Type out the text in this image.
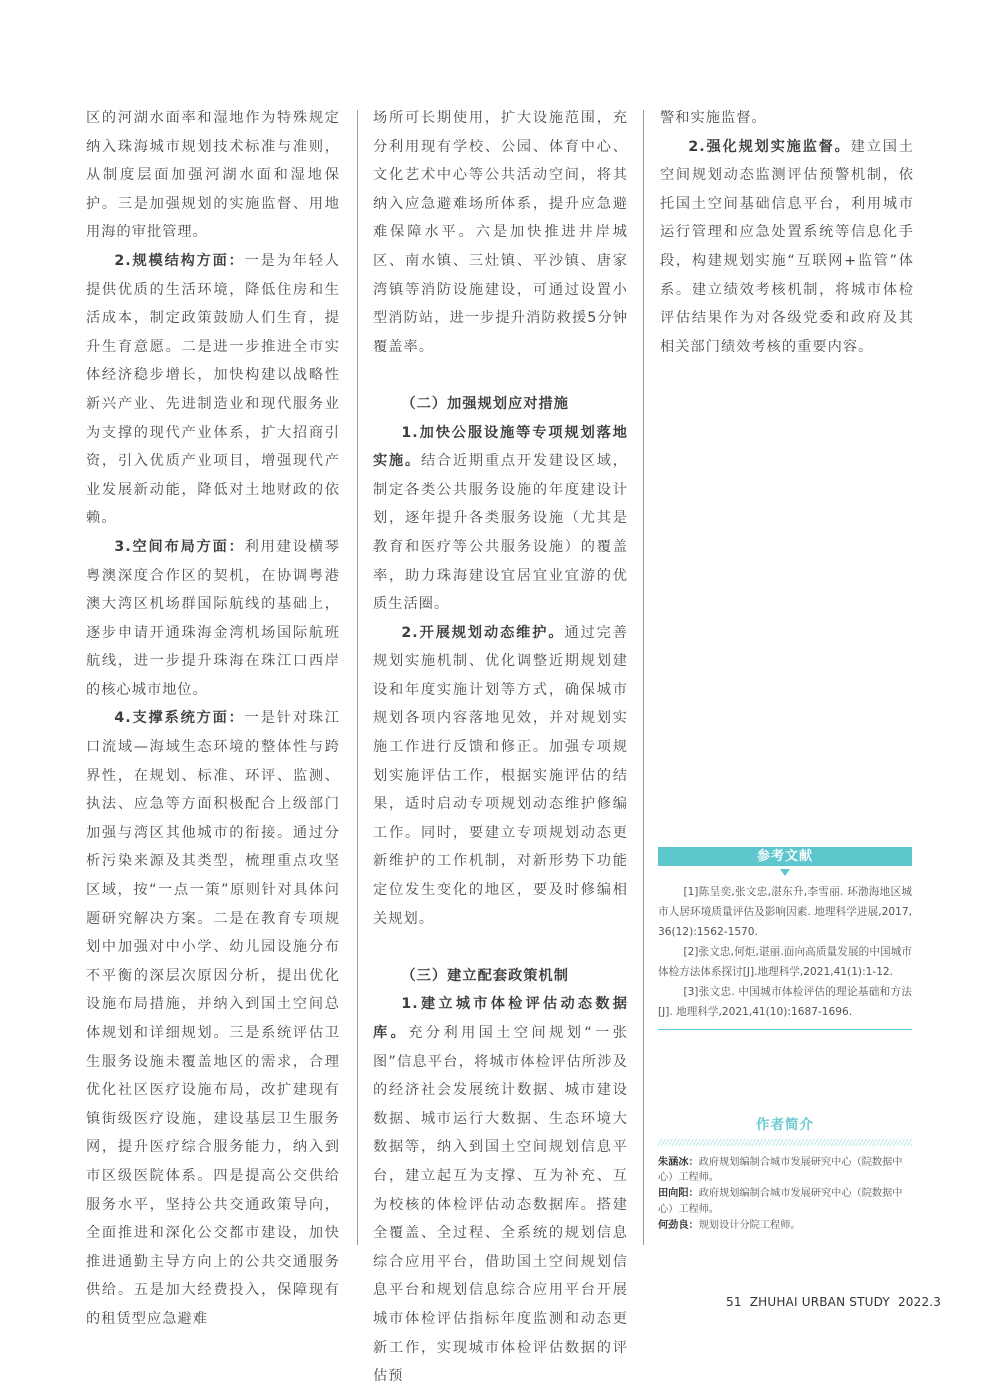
区的河湖水面率和湿地作为特殊规定纳入珠海城市规划技术标准与准则，从制度层面加强河湖水面和湿地保护。三是加强规划的实施监督、用地用海的审批管理。

2.规模结构方面：一是为年轻人提供优质的生活环境，降低住房和生活成本，制定政策鼓励人们生育，提升生育意愿。二是进一步推进全市实体经济稳步增长，加快构建以战略性新兴产业、先进制造业和现代服务业为支撑的现代产业体系，扩大招商引资，引入优质产业项目，增强现代产业发展新动能，降低对土地财政的依赖。

3.空间布局方面：利用建设横琴粤澳深度合作区的契机，在协调粤港澳大湾区机场群国际航线的基础上，逐步申请开通珠海金湾机场国际航班航线，进一步提升珠海在珠江口西岸的核心城市地位。

4.支撑系统方面：一是针对珠江口流域—海域生态环境的整体性与跨界性，在规划、标准、环评、监测、执法、应急等方面积极配合上级部门加强与湾区其他城市的衔接。通过分析污染来源及其类型，梳理重点攻坚区域，按“一点一策”原则针对具体问题研究解决方案。二是在教育专项规划中加强对中小学、幼儿园设施分布不平衡的深层次原因分析，提出优化设施布局措施，并纳入到国土空间总体规划和详细规划。三是系统评估卫生服务设施未覆盖地区的需求，合理优化社区医疗设施布局，改扩建现有镇街级医疗设施，建设基层卫生服务网，提升医疗综合服务能力，纳入到市区级医院体系。四是提高公交供给服务水平，坚持公共交通政策导向，全面推进和深化公交都市建设，加快推进通勤主导方向上的公共交通服务供给。五是加大经费投入，保障现有的租赁型应急避难

场所可长期使用，扩大设施范围，充分利用现有学校、公园、体育中心、文化艺术中心等公共活动空间，将其纳入应急避难场所体系，提升应急避难保障水平。六是加快推进井岸城区、南水镇、三灶镇、平沙镇、唐家湾镇等消防设施建设，可通过设置小型消防站，进一步提升消防救援5分钟覆盖率。

（二）加强规划应对措施

1.加快公服设施等专项规划落地实施。结合近期重点开发建设区域，制定各类公共服务设施的年度建设计划，逐年提升各类服务设施（尤其是教育和医疗等公共服务设施）的覆盖率，助力珠海建设宜居宜业宜游的优质生活圈。

2.开展规划动态维护。通过完善规划实施机制、优化调整近期规划建设和年度实施计划等方式，确保城市规划各项内容落地见效，并对规划实施工作进行反馈和修正。加强专项规划实施评估工作，根据实施评估的结果，适时启动专项规划动态维护修编工作。同时，要建立专项规划动态更新维护的工作机制，对新形势下功能定位发生变化的地区，要及时修编相关规划。

（三）建立配套政策机制

1.建立城市体检评估动态数据库。充分利用国土空间规划“一张图”信息平台，将城市体检评估所涉及的经济社会发展统计数据、城市建设数据、城市运行大数据、生态环境大数据等，纳入到国土空间规划信息平台，建立起互为支撑、互为补充、互为校核的体检评估动态数据库。搭建全覆盖、全过程、全系统的规划信息综合应用平台，借助国土空间规划信息平台和规划信息综合应用平台开展城市体检评估指标年度监测和动态更新工作，实现城市体检评估数据的评估预

警和实施监督。

2.强化规划实施监督。建立国土空间规划动态监测评估预警机制，依托国土空间基础信息平台，利用城市运行管理和应急处置系统等信息化手段，构建规划实施“互联网+监管”体系。建立绩效考核机制，将城市体检评估结果作为对各级党委和政府及其相关部门绩效考核的重要内容。

参考文献

[1]陈呈奕,张文忠,湛东升,李雪丽. 环渤海地区城市人居环境质量评估及影响因素. 地理科学进展,2017,36(12):1562-1570.

[2]张文忠,何炬,谌丽.面向高质量发展的中国城市体检方法体系探讨[J].地理科学,2021,41(1):1-12.

[3]张文忠. 中国城市体检评估的理论基础和方法[J]. 地理科学,2021,41(10):1687-1696.

作者简介

朱涵冰：政府规划编制合城市发展研究中心（院数据中心）工程师。

田向阳：政府规划编制合城市发展研究中心（院数据中心）工程师。

何劲良：规划设计分院工程师。

51 ZHUHAI URBAN STUDY 2022.3
